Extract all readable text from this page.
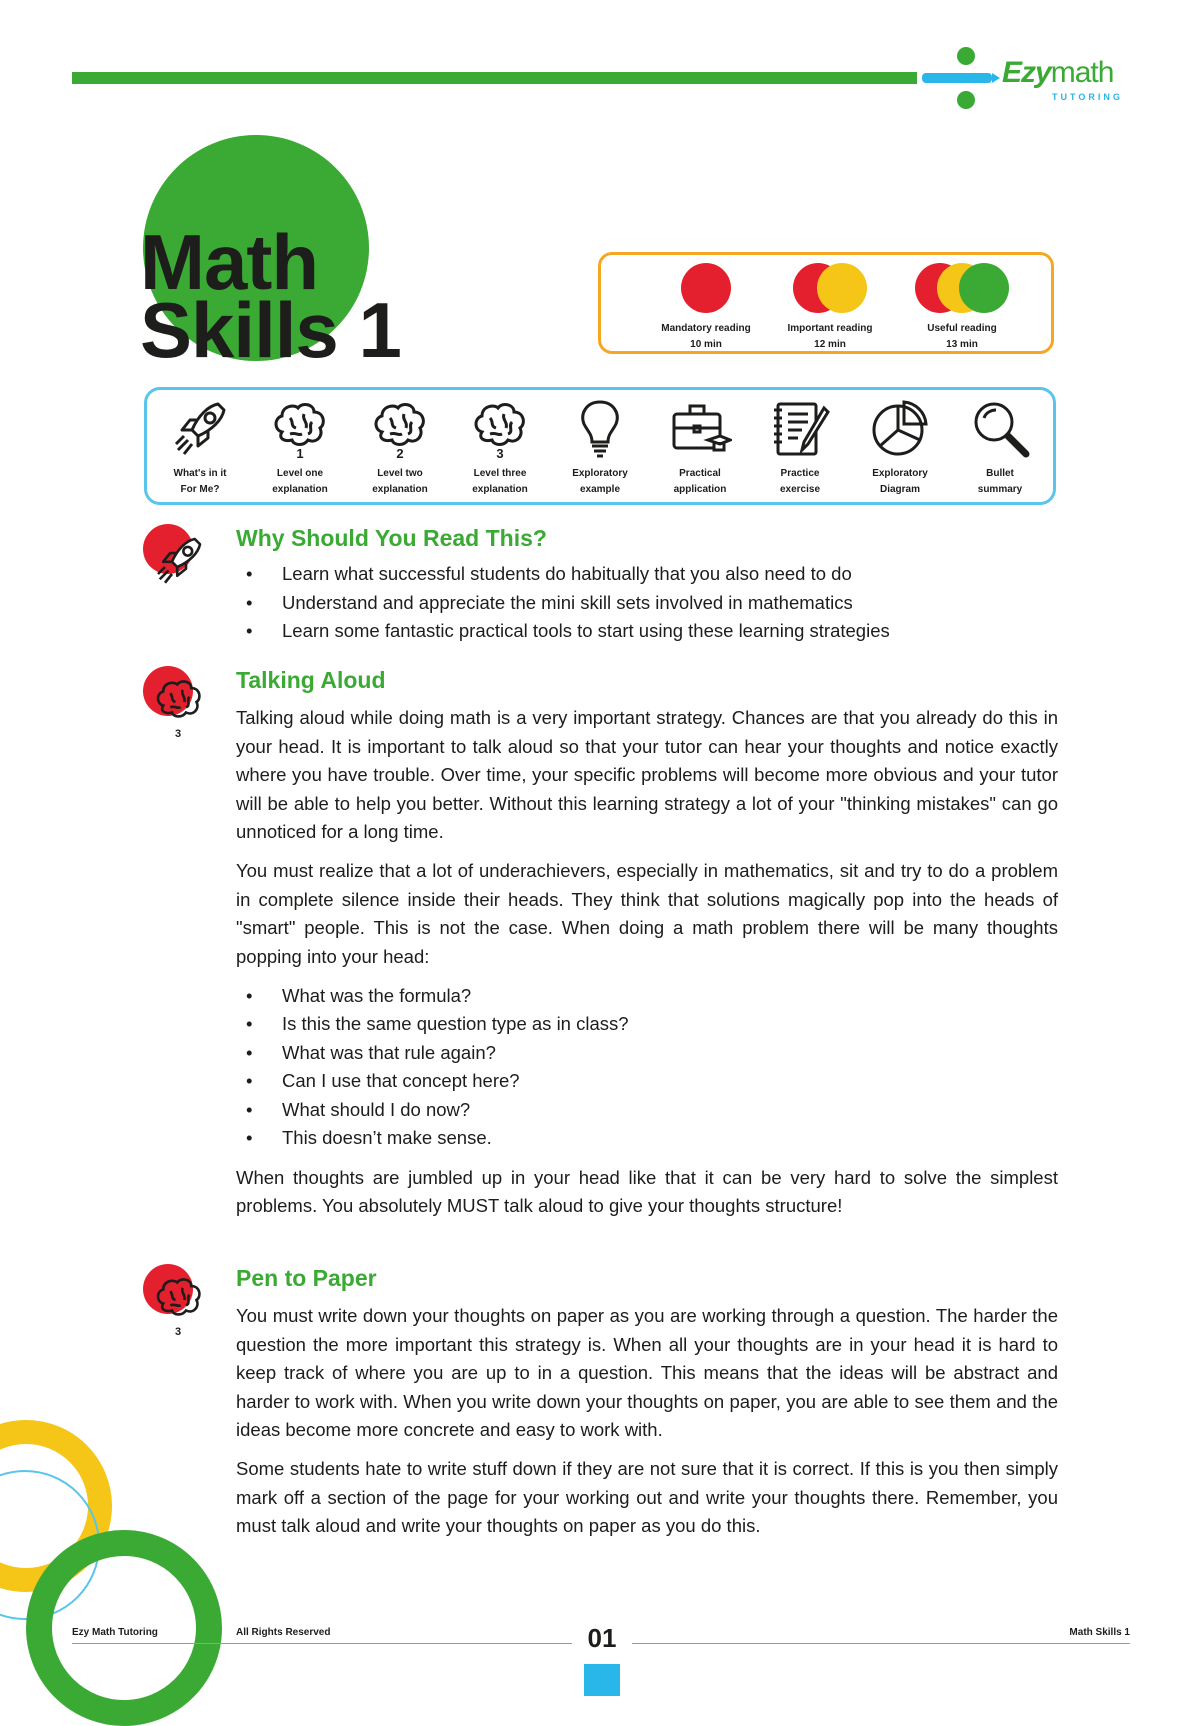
Ezymath
TUTORING
Math
Skills 1	Mandatory reading
10 min
Important reading
12 min
Useful reading
13 min
What's in it
For Me?
1
Level one
explanation
2
Level two
explanation
3
Level three
explanation
Exploratory
example
Practical
application
Practice
exercise
Exploratory
Diagram
Bullet
summary
Why Should You Read This?
• Learn what successful students do habitually that you also need to do
• Understand and appreciate the mini skill sets involved in mathematics
• Learn some fantastic practical tools to start using these learning strategies
3
Talking Aloud

Talking aloud while doing math is a very important strategy. Chances are that you already do this in your head. It is important to talk aloud so that your tutor can hear your thoughts and notice exactly where you have trouble. Over time, your specific problems will become more obvious and your tutor will be able to help you better. Without this learning strategy a lot of your "thinking mistakes" can go unnoticed for a long time.

You must realize that a lot of underachievers, especially in mathematics, sit and try to do a problem in complete silence inside their heads. They think that solutions magically pop into the heads of "smart" people. This is not the case. When doing a math problem there will be many thoughts popping into your head:

• What was the formula?
• Is this the same question type as in class?
• What was that rule again?
• Can I use that concept here?
• What should I do now?
• This doesn’t make sense.

When thoughts are jumbled up in your head like that it can be very hard to solve the simplest problems. You absolutely MUST talk aloud to give your thoughts structure!

3
Pen to Paper

You must write down your thoughts on paper as you are working through a question. The harder the question the more important this strategy is. When all your thoughts are in your head it is hard to keep track of where you are up to in a question. This means that the ideas will be abstract and harder to work with. When you write down your thoughts on paper, you are able to see them and the ideas become more concrete and easy to work with.

Some students hate to write stuff down if they are not sure that it is correct. If this is you then simply mark off a section of the page for your working out and write your thoughts there. Remember, you must talk aloud and write your thoughts on paper as you do this.

Ezy Math Tutoring	All Rights Reserved	01	Math Skills 1
